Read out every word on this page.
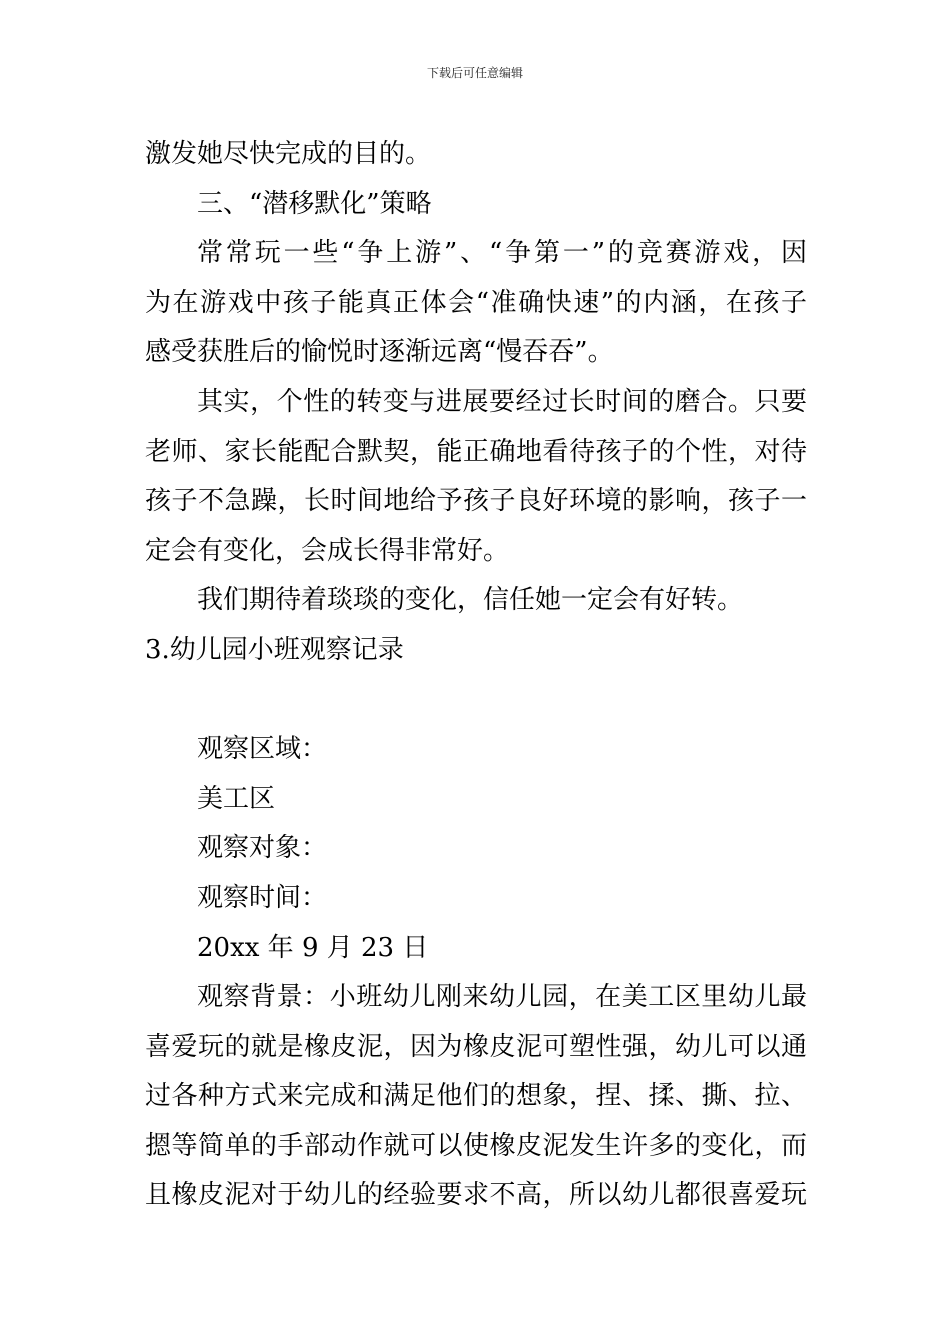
下载后可任意编辑
激发她尽快完成的目的。
三、“潜移默化”策略
常常玩一些“争上游”、“争第一”的竞赛游戏，因
为在游戏中孩子能真正体会“准确快速”的内涵，在孩子
感受获胜后的愉悦时逐渐远离“慢吞吞”。
其实，个性的转变与进展要经过长时间的磨合。只要
老师、家长能配合默契，能正确地看待孩子的个性，对待
孩子不急躁，长时间地给予孩子良好环境的影响，孩子一
定会有变化，会成长得非常好。
我们期待着琰琰的变化，信任她一定会有好转。
3.幼儿园小班观察记录
观察区域：
美工区
观察对象：
观察时间：
20xx 年 9 月 23 日
观察背景：小班幼儿刚来幼儿园，在美工区里幼儿最
喜爱玩的就是橡皮泥，因为橡皮泥可塑性强，幼儿可以通
过各种方式来完成和满足他们的想象，捏、揉、撕、拉、
摁等简单的手部动作就可以使橡皮泥发生许多的变化，而
且橡皮泥对于幼儿的经验要求不高，所以幼儿都很喜爱玩
